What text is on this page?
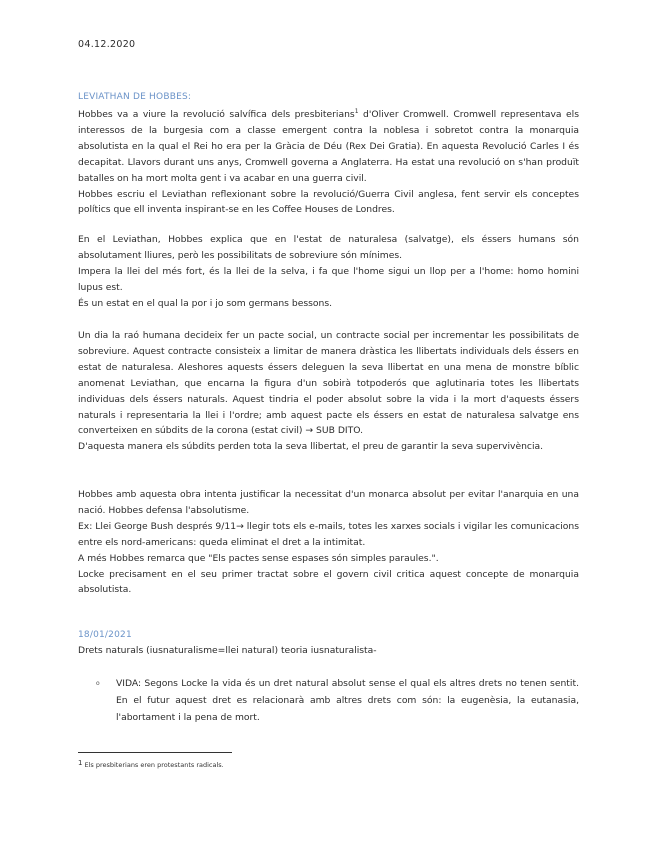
04.12.2020
LEVIATHAN DE HOBBES:

Hobbes va a viure la revolució salvífica dels presbiterians$^1$ d'Oliver Cromwell. Cromwell representava els interessos de la burgesia com a classe emergent contra la noblesa i sobretot contra la monarquia absolutista en la qual el Rei ho era per la Gràcia de Déu (Rex Dei Gratia). En aquesta Revolució Carles I és decapitat. Llavors durant uns anys, Cromwell governa a Anglaterra. Ha estat una revolució on s'han produït batalles on ha mort molta gent i va acabar en una guerra civil.

Hobbes escriu el Leviathan reflexionant sobre la revolució/Guerra Civil anglesa, fent servir els conceptes polítics que ell inventa inspirant-se en les Coffee Houses de Londres.

En el Leviathan, Hobbes explica que en l'estat de naturalesa (salvatge), els éssers humans són absolutament lliures, però les possibilitats de sobreviure són mínimes.

Impera la llei del més fort, és la llei de la selva, i fa que l'home sigui un llop per a l'home: homo homini lupus est.

És un estat en el qual la por i jo som germans bessons.

Un dia la raó humana decideix fer un pacte social, un contracte social per incrementar les possibilitats de sobreviure. Aquest contracte consisteix a limitar de manera dràstica les llibertats individuals dels éssers en estat de naturalesa. Aleshores aquests éssers deleguen la seva llibertat en una mena de monstre bíblic anomenat Leviathan, que encarna la figura d'un sobirà totpoderós que aglutinaria totes les llibertats individuas dels éssers naturals. Aquest tindria el poder absolut sobre la vida i la mort d'aquests éssers naturals i representaria la llei i l'ordre; amb aquest pacte els éssers en estat de naturalesa salvatge ens converteixen en súbdits de la corona (estat civil) → SUB DITO.

D'aquesta manera els súbdits perden tota la seva llibertat, el preu de garantir la seva supervivència.

Hobbes amb aquesta obra intenta justificar la necessitat d'un monarca absolut per evitar l'anarquia en una nació. Hobbes defensa l'absolutisme.

Ex: Llei George Bush després 9/11→ llegir tots els e-mails, totes les xarxes socials i vigilar les comunicacions entre els nord-americans: queda eliminat el dret a la intimitat.

A més Hobbes remarca que "Els pactes sense espases són simples paraules.".

Locke precisament en el seu primer tractat sobre el govern civil critica aquest concepte de monarquia absolutista.

18/01/2021
Drets naturals (iusnaturalisme=llei natural) teoria iusnaturalista-
o VIDA: Segons Locke la vida és un dret natural absolut sense el qual els altres drets no tenen sentit. En el futur aquest dret es relacionarà amb altres drets com són: la eugenèsia, la eutanasia, l'abortament i la pena de mort.
$^1$ Els presbiterians eren protestants radicals.
